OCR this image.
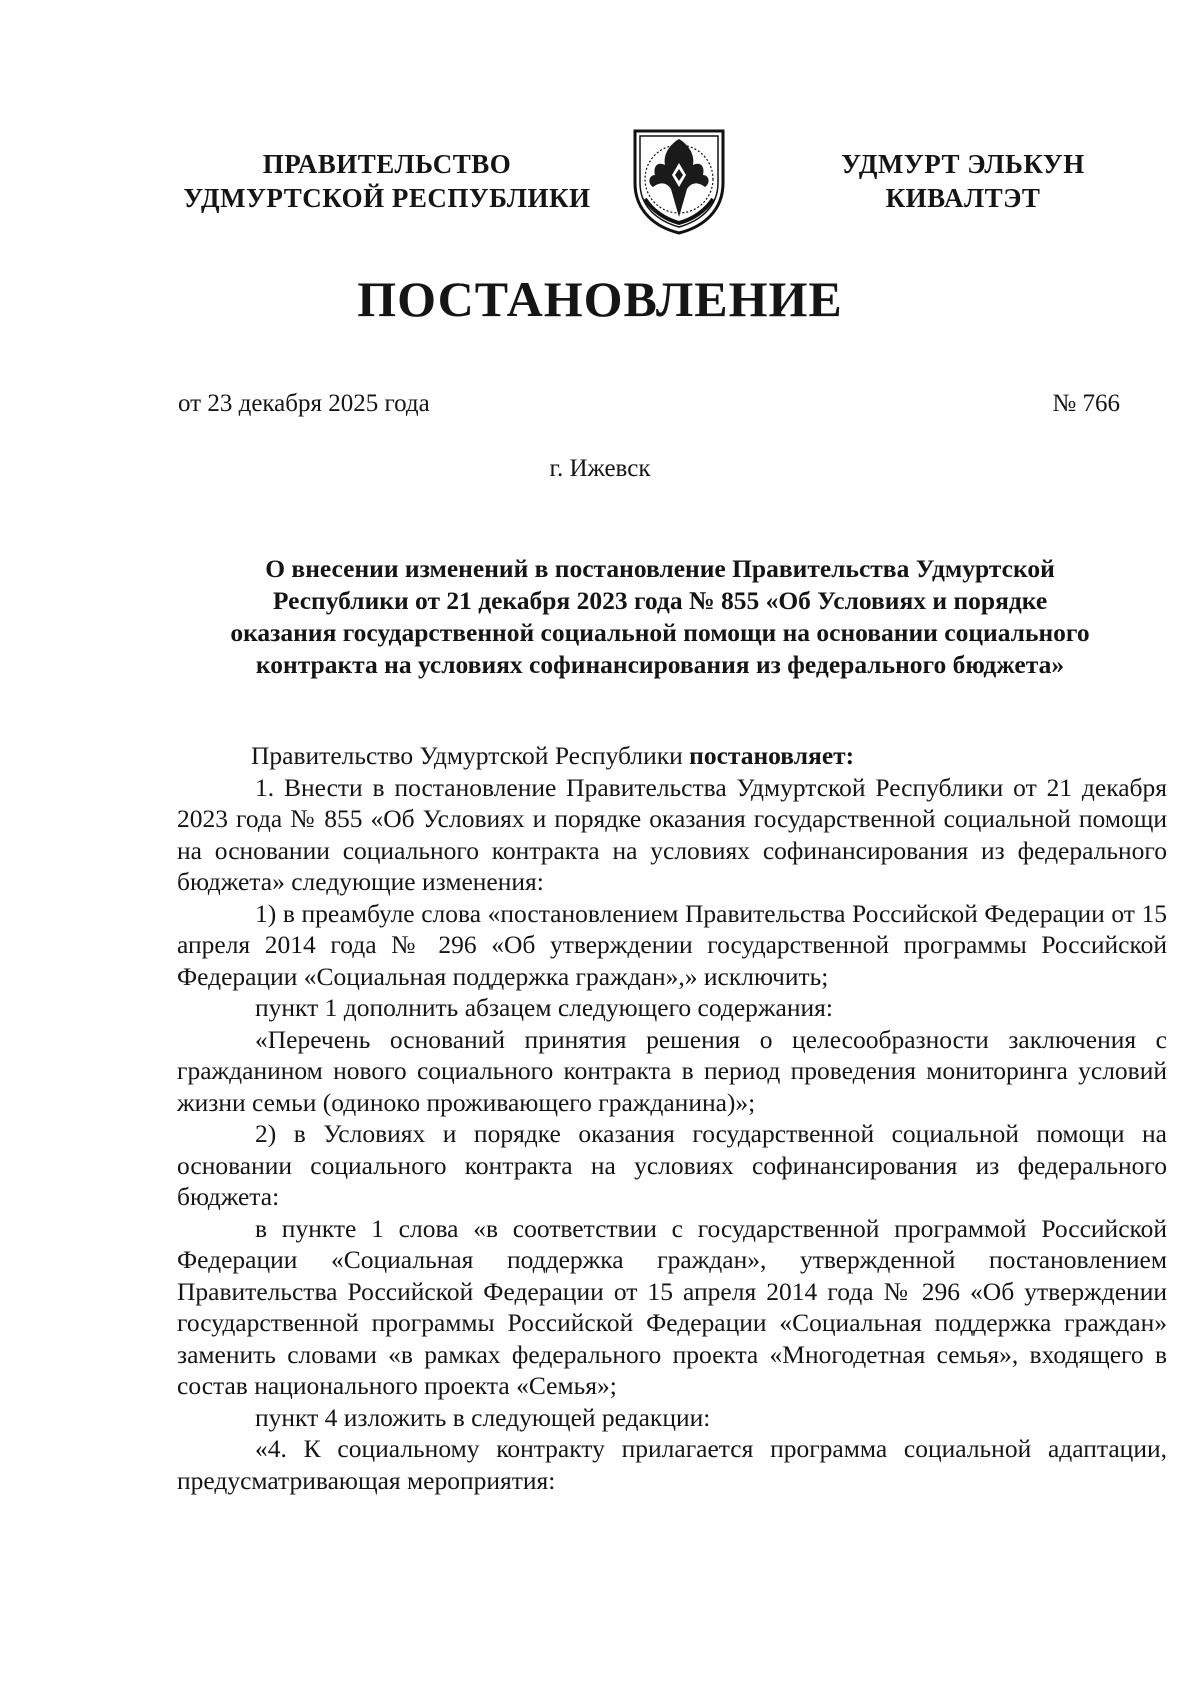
ПРАВИТЕЛЬСТВО
УДМУРТСКОЙ РЕСПУБЛИКИ
УДМУРТ ЭЛЬКУН
КИВАЛТЭТ
ПОСТАНОВЛЕНИЕ
от 23 декабря 2025 года	№ 766
г. Ижевск
О внесении изменений в постановление Правительства Удмуртской
Республики от 21 декабря 2023 года № 855 «Об Условиях и порядке
оказания государственной социальной помощи на основании социального
контракта на условиях софинансирования из федерального бюджета»

Правительство Удмуртской Республики постановляет:

1. Внести в постановление Правительства Удмуртской Республики от 21 декабря 2023 года № 855 «Об Условиях и порядке оказания государственной социальной помощи на основании социального контракта на условиях софинансирования из федерального бюджета» следующие изменения:

1) в преамбуле слова «постановлением Правительства Российской Федерации от 15 апреля 2014 года № 296 «Об утверждении государственной программы Российской Федерации «Социальная поддержка граждан»,» исключить;

пункт 1 дополнить абзацем следующего содержания:

«Перечень оснований принятия решения о целесообразности заключения с гражданином нового социального контракта в период проведения мониторинга условий жизни семьи (одиноко проживающего гражданина)»;

2) в Условиях и порядке оказания государственной социальной помощи на основании социального контракта на условиях софинансирования из федерального бюджета:

в пункте 1 слова «в соответствии с государственной программой Российской Федерации «Социальная поддержка граждан», утвержденной постановлением Правительства Российской Федерации от 15 апреля 2014 года № 296 «Об утверждении государственной программы Российской Федерации «Социальная поддержка граждан» заменить словами «в рамках федерального проекта «Многодетная семья», входящего в состав национального проекта «Семья»;

пункт 4 изложить в следующей редакции:

«4. К социальному контракту прилагается программа социальной адаптации, предусматривающая мероприятия:
